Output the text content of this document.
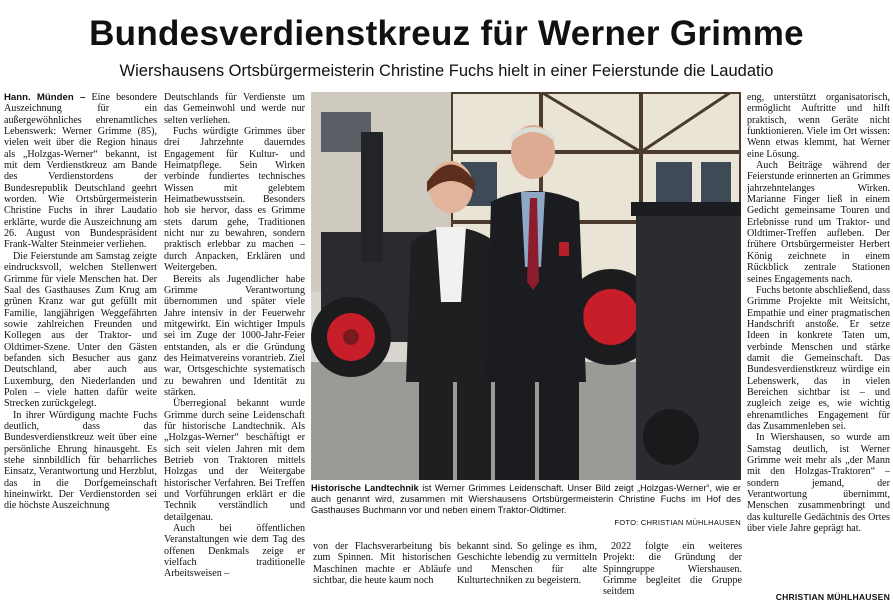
Bundesverdienstkreuz für Werner Grimme
Wiershausens Ortsbürgermeisterin Christine Fuchs hielt in einer Feierstunde die Laudatio

Hann. Münden – Eine besondere Auszeichnung für ein außergewöhnliches ehrenamtliches Lebenswerk: Werner Grimme (85), vielen weit über die Region hinaus als „Holzgas-Werner“ bekannt, ist mit dem Verdienstkreuz am Bande des Verdienstordens der Bundesrepublik Deutschland geehrt worden. Wie Ortsbürgermeisterin Christine Fuchs in ihrer Laudatio erklärte, wurde die Auszeichnung am 26. August von Bundespräsident Frank-Walter Steinmeier verliehen.

Die Feierstunde am Samstag zeigte eindrucksvoll, welchen Stellenwert Grimme für viele Menschen hat. Der Saal des Gasthauses Zum Krug am grünen Kranz war gut gefüllt mit Familie, langjährigen Weggefährten sowie zahlreichen Freunden und Kollegen aus der Traktor- und Oldtimer-Szene. Unter den Gästen befanden sich Besucher aus ganz Deutschland, aber auch aus Luxemburg, den Niederlanden und Polen – viele hatten dafür weite Strecken zurückgelegt.

In ihrer Würdigung machte Fuchs deutlich, dass das Bundesverdienstkreuz weit über eine persönliche Ehrung hinausgeht. Es stehe sinnbildlich für beharrliches Einsatz, Verantwortung und Herzblut, das in die Dorfgemeinschaft hineinwirkt. Der Verdienstorden sei die höchste Auszeichnung

Deutschlands für Verdienste um das Gemeinwohl und werde nur selten verliehen.

Fuchs würdigte Grimmes über drei Jahrzehnte dauerndes Engagement für Kultur- und Heimatpflege. Sein Wirken verbinde fundiertes technisches Wissen mit gelebtem Heimatbewusstsein. Besonders hob sie hervor, dass es Grimme stets darum gehe, Traditionen nicht nur zu bewahren, sondern praktisch erlebbar zu machen – durch Anpacken, Erklären und Weitergeben.

Bereits als Jugendlicher habe Grimme Verantwortung übernommen und später viele Jahre intensiv in der Feuerwehr mitgewirkt. Ein wichtiger Impuls sei im Zuge der 1000-Jahr-Feier entstanden, als er die Gründung des Heimatvereins vorantrieb. Ziel war, Ortsgeschichte systematisch zu bewahren und Identität zu stärken.

Überregional bekannt wurde Grimme durch seine Leidenschaft für historische Landtechnik. Als „Holzgas-Werner“ beschäftigt er sich seit vielen Jahren mit dem Betrieb von Traktoren mittels Holzgas und der Weitergabe historischer Verfahren. Bei Treffen und Vorführungen erklärt er die Technik verständlich und detailgenau.

Auch bei öffentlichen Veranstaltungen wie dem Tag des offenen Denkmals zeige er vielfach traditionelle Arbeitsweisen –

Historische Landtechnik ist Werner Grimmes Leidenschaft. Unser Bild zeigt „Holzgas-Werner“, wie er auch genannt wird, zusammen mit Wiershausens Ortsbürgermeisterin Christine Fuchs im Hof des Gasthauses Buchmann vor und neben einem Traktor-Oldtimer.
FOTO: CHRISTIAN MÜHLHAUSEN
von der Flachsverarbeitung bis zum Spinnen. Mit historischen Maschinen machte er Abläufe sichtbar, die heute kaum noch
bekannt sind. So gelinge es ihm, Geschichte lebendig zu vermitteln und Menschen für alte Kulturtechniken zu begeistern.
2022 folgte ein weiteres Projekt: die Gründung der Spinngruppe Wiershausen. Grimme begleitet die Gruppe seitdem

eng, unterstützt organisatorisch, ermöglicht Auftritte und hilft praktisch, wenn Geräte nicht funktionieren. Viele im Ort wissen: Wenn etwas klemmt, hat Werner eine Lösung.

Auch Beiträge während der Feierstunde erinnerten an Grimmes jahrzehntelanges Wirken. Marianne Finger ließ in einem Gedicht gemeinsame Touren und Erlebnisse rund um Traktor- und Oldtimer-Treffen aufleben. Der frühere Ortsbürgermeister Herbert König zeichnete in einem Rückblick zentrale Stationen seines Engagements nach.

Fuchs betonte abschließend, dass Grimme Projekte mit Weitsicht, Empathie und einer pragmatischen Handschrift anstoße. Er setze Ideen in konkrete Taten um, verbinde Menschen und stärke damit die Gemeinschaft. Das Bundesverdienstkreuz würdige ein Lebenswerk, das in vielen Bereichen sichtbar ist – und zugleich zeige es, wie wichtig ehrenamtliches Engagement für das Zusammenleben sei.

In Wiershausen, so wurde am Samstag deutlich, ist Werner Grimme weit mehr als „der Mann mit den Holzgas-Traktoren“ – sondern jemand, der Verantwortung übernimmt, Menschen zusammenbringt und das kulturelle Gedächtnis des Ortes über viele Jahre geprägt hat.

CHRISTIAN MÜHLHAUSEN
